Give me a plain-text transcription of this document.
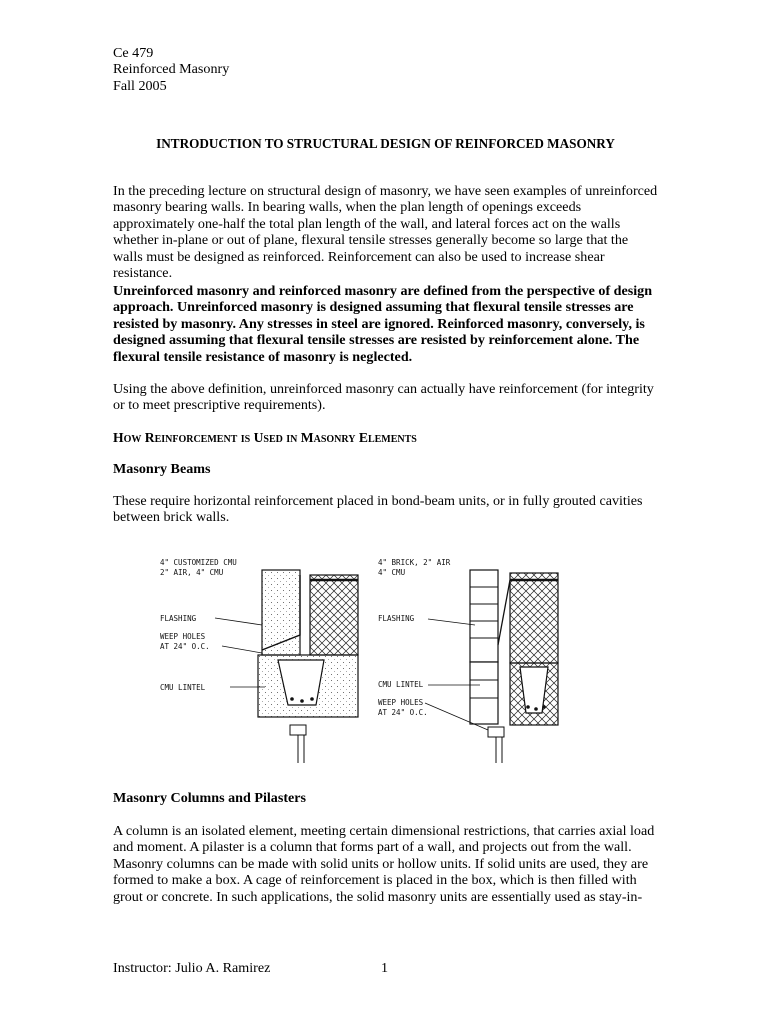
Ce 479
Reinforced Masonry
Fall 2005
INTRODUCTION TO STRUCTURAL DESIGN OF REINFORCED MASONRY

In the preceding lecture on structural design of masonry, we have seen examples of unreinforced masonry bearing walls. In bearing walls, when the plan length of openings exceeds approximately one-half the total plan length of the wall, and lateral forces act on the walls whether in-plane or out of plane, flexural tensile stresses generally become so large that the walls must be designed as reinforced. Reinforcement can also be used to increase shear resistance.

Unreinforced masonry and reinforced masonry are defined from the perspective of design approach. Unreinforced masonry is designed assuming that flexural tensile stresses are resisted by masonry. Any stresses in steel are ignored. Reinforced masonry, conversely, is designed assuming that flexural tensile stresses are resisted by reinforcement alone. The flexural tensile resistance of masonry is neglected.

Using the above definition, unreinforced masonry can actually have reinforcement (for integrity or to meet prescriptive requirements).

How Reinforcement is Used in Masonry Elements
Masonry Beams

These require horizontal reinforcement placed in bond-beam units, or in fully grouted cavities between brick walls.

4" CUSTOMIZED CMU
2" AIR, 4" CMU
FLASHING
WEEP HOLES
AT 24" O.C.
CMU LINTEL
4" BRICK, 2" AIR
4" CMU
FLASHING
CMU LINTEL
WEEP HOLES
AT 24" O.C.
Masonry Columns and Pilasters

A column is an isolated element, meeting certain dimensional restrictions, that carries axial load and moment. A pilaster is a column that forms part of a wall, and projects out from the wall. Masonry columns can be made with solid units or hollow units. If solid units are used, they are formed to make a box. A cage of reinforcement is placed in the box, which is then filled with grout or concrete. In such applications, the solid masonry units are essentially used as stay-in-

Instructor: Julio A. Ramirez	1
